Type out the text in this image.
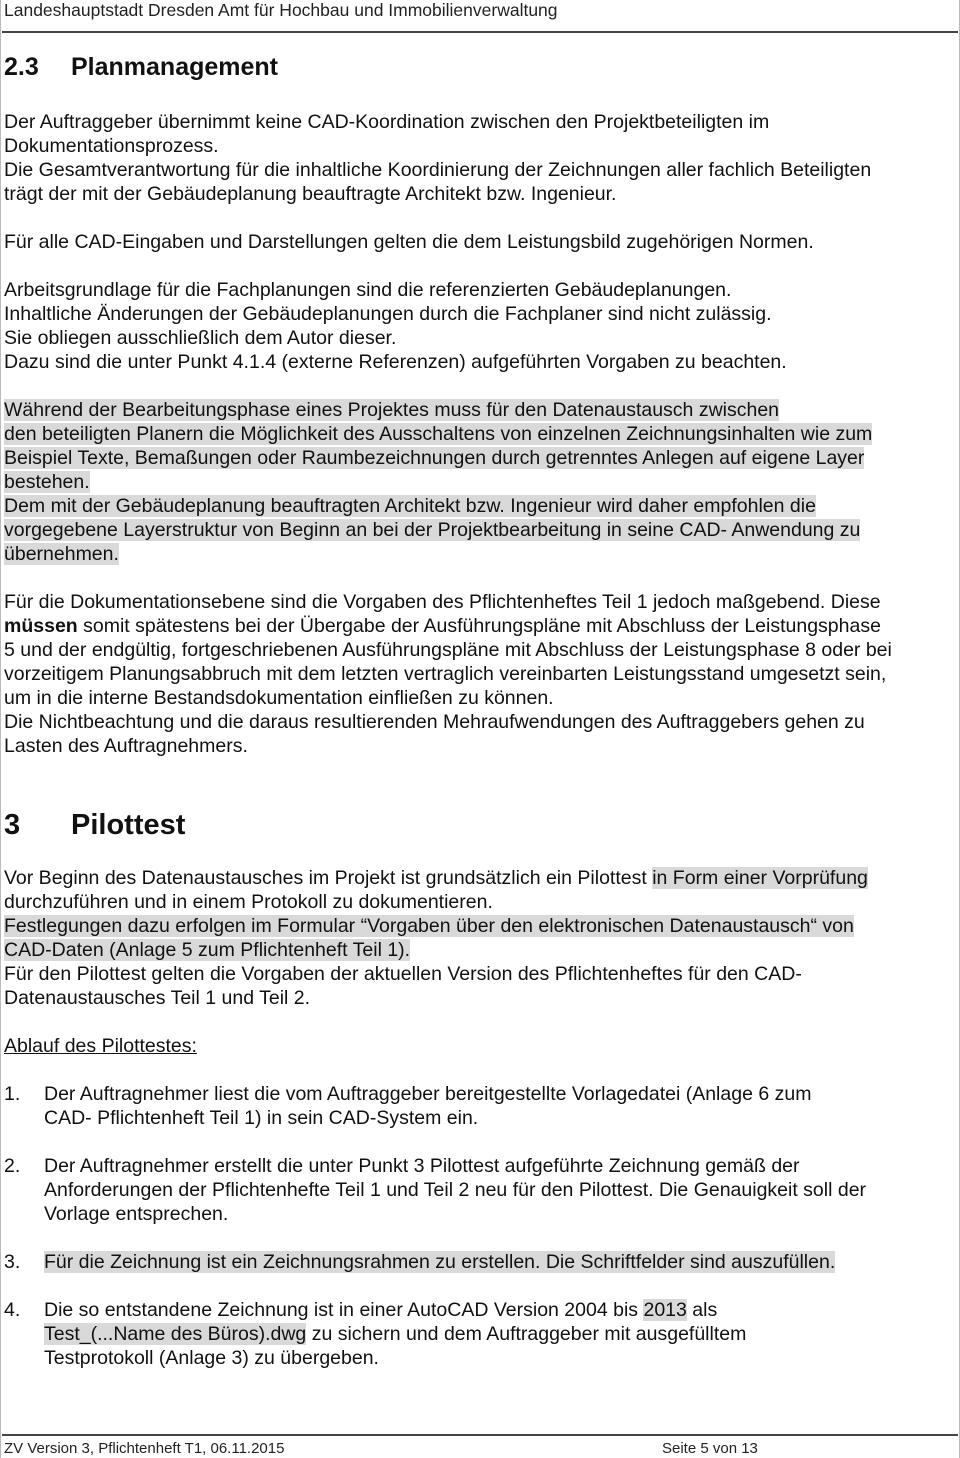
Landeshauptstadt Dresden Amt für Hochbau und Immobilienverwaltung
2.3 Planmanagement

Der Auftraggeber übernimmt keine CAD-Koordination zwischen den Projektbeteiligten im

Dokumentationsprozess.

Die Gesamtverantwortung für die inhaltliche Koordinierung der Zeichnungen aller fachlich Beteiligten

trägt der mit der Gebäudeplanung beauftragte Architekt bzw. Ingenieur.

Für alle CAD-Eingaben und Darstellungen gelten die dem Leistungsbild zugehörigen Normen.

Arbeitsgrundlage für die Fachplanungen sind die referenzierten Gebäudeplanungen.

Inhaltliche Änderungen der Gebäudeplanungen durch die Fachplaner sind nicht zulässig.

Sie obliegen ausschließlich dem Autor dieser.

Dazu sind die unter Punkt 4.1.4 (externe Referenzen) aufgeführten Vorgaben zu beachten.

Während der Bearbeitungsphase eines Projektes muss für den Datenaustausch zwischen

den beteiligten Planern die Möglichkeit des Ausschaltens von einzelnen Zeichnungsinhalten wie zum

Beispiel Texte, Bemaßungen oder Raumbezeichnungen durch getrenntes Anlegen auf eigene Layer

bestehen.

Dem mit der Gebäudeplanung beauftragten Architekt bzw. Ingenieur wird daher empfohlen die

vorgegebene Layerstruktur von Beginn an bei der Projektbearbeitung in seine CAD- Anwendung zu

übernehmen.

Für die Dokumentationsebene sind die Vorgaben des Pflichtenheftes Teil 1 jedoch maßgebend. Diese

müssen somit spätestens bei der Übergabe der Ausführungspläne mit Abschluss der Leistungsphase

5 und der endgültig, fortgeschriebenen Ausführungspläne mit Abschluss der Leistungsphase 8 oder bei

vorzeitigem Planungsabbruch mit dem letzten vertraglich vereinbarten Leistungsstand umgesetzt sein,

um in die interne Bestandsdokumentation einfließen zu können.

Die Nichtbeachtung und die daraus resultierenden Mehraufwendungen des Auftraggebers gehen zu

Lasten des Auftragnehmers.

3 Pilottest

Vor Beginn des Datenaustausches im Projekt ist grundsätzlich ein Pilottest in Form einer Vorprüfung

durchzuführen und in einem Protokoll zu dokumentieren.

Festlegungen dazu erfolgen im Formular “Vorgaben über den elektronischen Datenaustausch“ von

CAD-Daten (Anlage 5 zum Pflichtenheft Teil 1).

Für den Pilottest gelten die Vorgaben der aktuellen Version des Pflichtenheftes für den CAD-

Datenaustausches Teil 1 und Teil 2.

Ablauf des Pilottestes:

1. Der Auftragnehmer liest die vom Auftraggeber bereitgestellte Vorlagedatei (Anlage 6 zum

CAD- Pflichtenheft Teil 1) in sein CAD-System ein.

2. Der Auftragnehmer erstellt die unter Punkt 3 Pilottest aufgeführte Zeichnung gemäß der

Anforderungen der Pflichtenhefte Teil 1 und Teil 2 neu für den Pilottest. Die Genauigkeit soll der

Vorlage entsprechen.

3. Für die Zeichnung ist ein Zeichnungsrahmen zu erstellen. Die Schriftfelder sind auszufüllen.

4. Die so entstandene Zeichnung ist in einer AutoCAD Version 2004 bis 2013 als

Test_(...Name des Büros).dwg zu sichern und dem Auftraggeber mit ausgefülltem

Testprotokoll (Anlage 3) zu übergeben.

ZV Version 3, Pflichtenheft T1, 06.11.2015	Seite 5 von 13
